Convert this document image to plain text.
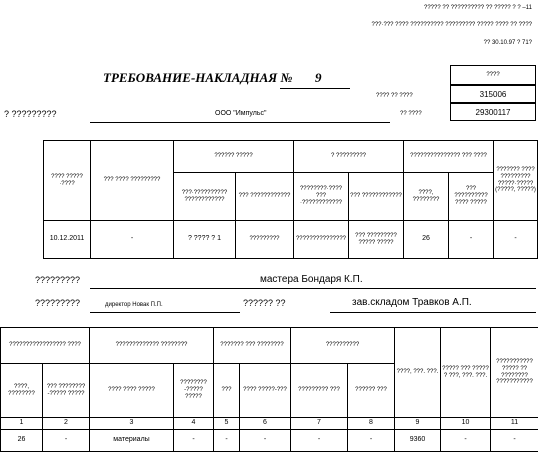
????? ?? ?????????? ?? ????? ? ? –11
???·??? ???? ?????????? ????????? ????? ???? ?? ????
?? 30.10.97 ? 71?
ТРЕБОВАНИЕ-НАКЛАДНАЯ № 9	????
???? ?? ????	315006
?? ????	29300117
? ?????????	ООО "Импульс"
???? ?????·????	??? ???? ?????????	?????? ?????		? ?????????		??????????????? ??? ????		??????? ???? ????????? ?????·????? (?????, ?????)
		???·?????????? ????????????	??? ????????????	????????·???? ???·????????????	??? ????????????	????, ????????	??? ?????????? ???? ?????	
10.12.2011	-	? ???? ? 1	?????????	???????????????	??? ????????? ????? ?????	26	-	-
?????????	мастера Бондаря К.П.
?????????	директор Новак П.П.	?????? ??	зав.складом Травков А.П.
????????????????? ????		????????????? ????????		??????? ??? ????????		??????????		????, ???. ???.	????? ??? ????? ? ???, ???. ???.	??????????? ????? ?? ???????? ???????????
????, ????????	??? ????????-????? ?????	???? ???? ?????	????????-????? ?????	???	???? ?????-???	????????? ???	?????? ???			
1	2	3	4	5	6	7	8	9	10	11
26	-	материалы	-	-	-	-	-	9360	-	-
